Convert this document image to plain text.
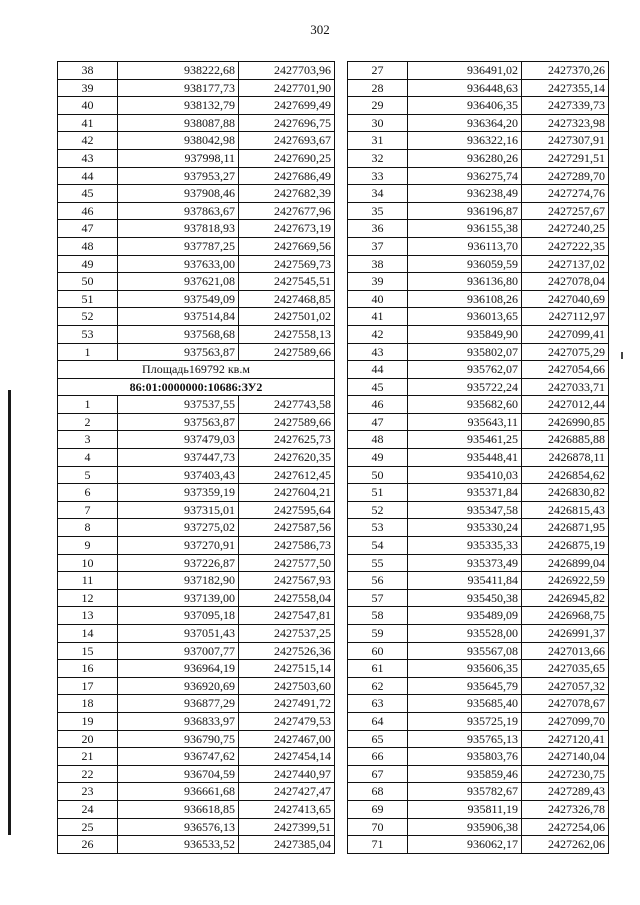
302
38	938222,68	2427703,96
39	938177,73	2427701,90
40	938132,79	2427699,49
41	938087,88	2427696,75
42	938042,98	2427693,67
43	937998,11	2427690,25
44	937953,27	2427686,49
45	937908,46	2427682,39
46	937863,67	2427677,96
47	937818,93	2427673,19
48	937787,25	2427669,56
49	937633,00	2427569,73
50	937621,08	2427545,51
51	937549,09	2427468,85
52	937514,84	2427501,02
53	937568,68	2427558,13
1	937563,87	2427589,66
Площадь169792 кв.м		
86:01:0000000:10686:ЗУ2		
1	937537,55	2427743,58
2	937563,87	2427589,66
3	937479,03	2427625,73
4	937447,73	2427620,35
5	937403,43	2427612,45
6	937359,19	2427604,21
7	937315,01	2427595,64
8	937275,02	2427587,56
9	937270,91	2427586,73
10	937226,87	2427577,50
11	937182,90	2427567,93
12	937139,00	2427558,04
13	937095,18	2427547,81
14	937051,43	2427537,25
15	937007,77	2427526,36
16	936964,19	2427515,14
17	936920,69	2427503,60
18	936877,29	2427491,72
19	936833,97	2427479,53
20	936790,75	2427467,00
21	936747,62	2427454,14
22	936704,59	2427440,97
23	936661,68	2427427,47
24	936618,85	2427413,65
25	936576,13	2427399,51
26	936533,52	2427385,04
27	936491,02	2427370,26
28	936448,63	2427355,14
29	936406,35	2427339,73
30	936364,20	2427323,98
31	936322,16	2427307,91
32	936280,26	2427291,51
33	936275,74	2427289,70
34	936238,49	2427274,76
35	936196,87	2427257,67
36	936155,38	2427240,25
37	936113,70	2427222,35
38	936059,59	2427137,02
39	936136,80	2427078,04
40	936108,26	2427040,69
41	936013,65	2427112,97
42	935849,90	2427099,41
43	935802,07	2427075,29
44	935762,07	2427054,66
45	935722,24	2427033,71
46	935682,60	2427012,44
47	935643,11	2426990,85
48	935461,25	2426885,88
49	935448,41	2426878,11
50	935410,03	2426854,62
51	935371,84	2426830,82
52	935347,58	2426815,43
53	935330,24	2426871,95
54	935335,33	2426875,19
55	935373,49	2426899,04
56	935411,84	2426922,59
57	935450,38	2426945,82
58	935489,09	2426968,75
59	935528,00	2426991,37
60	935567,08	2427013,66
61	935606,35	2427035,65
62	935645,79	2427057,32
63	935685,40	2427078,67
64	935725,19	2427099,70
65	935765,13	2427120,41
66	935803,76	2427140,04
67	935859,46	2427230,75
68	935782,67	2427289,43
69	935811,19	2427326,78
70	935906,38	2427254,06
71	936062,17	2427262,06
